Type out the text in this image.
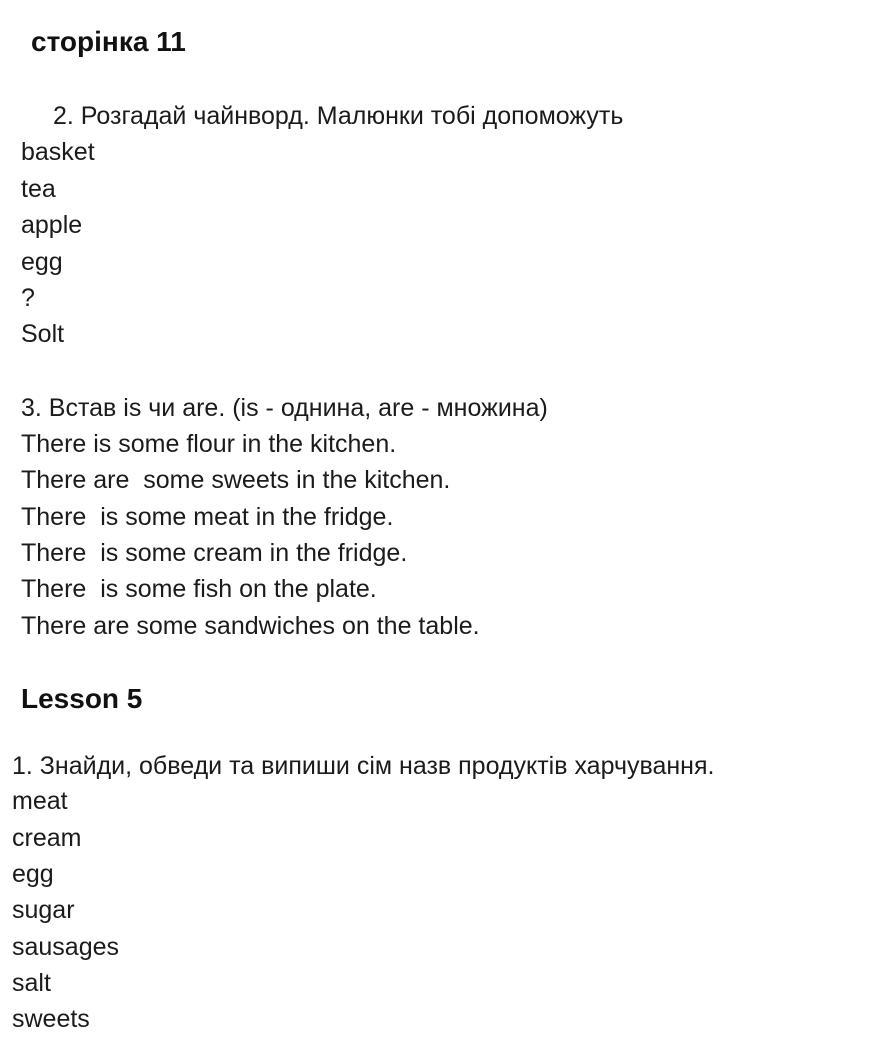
сторінка 11
2. Розгадай чайнворд. Малюнки тобі допоможуть
basket
tea
apple
egg
?
Solt
3. Встав is чи are. (is - однина, are - множина)
There is some flour in the kitchen.
There are  some sweets in the kitchen.
There  is some meat in the fridge.
There  is some cream in the fridge.
There  is some fish on the plate.
There are some sandwiches on the table.
Lesson 5
1. Знайди, обведи та випиши сім назв продуктів харчування.
meat
cream
egg
sugar
sausages
salt
sweets
